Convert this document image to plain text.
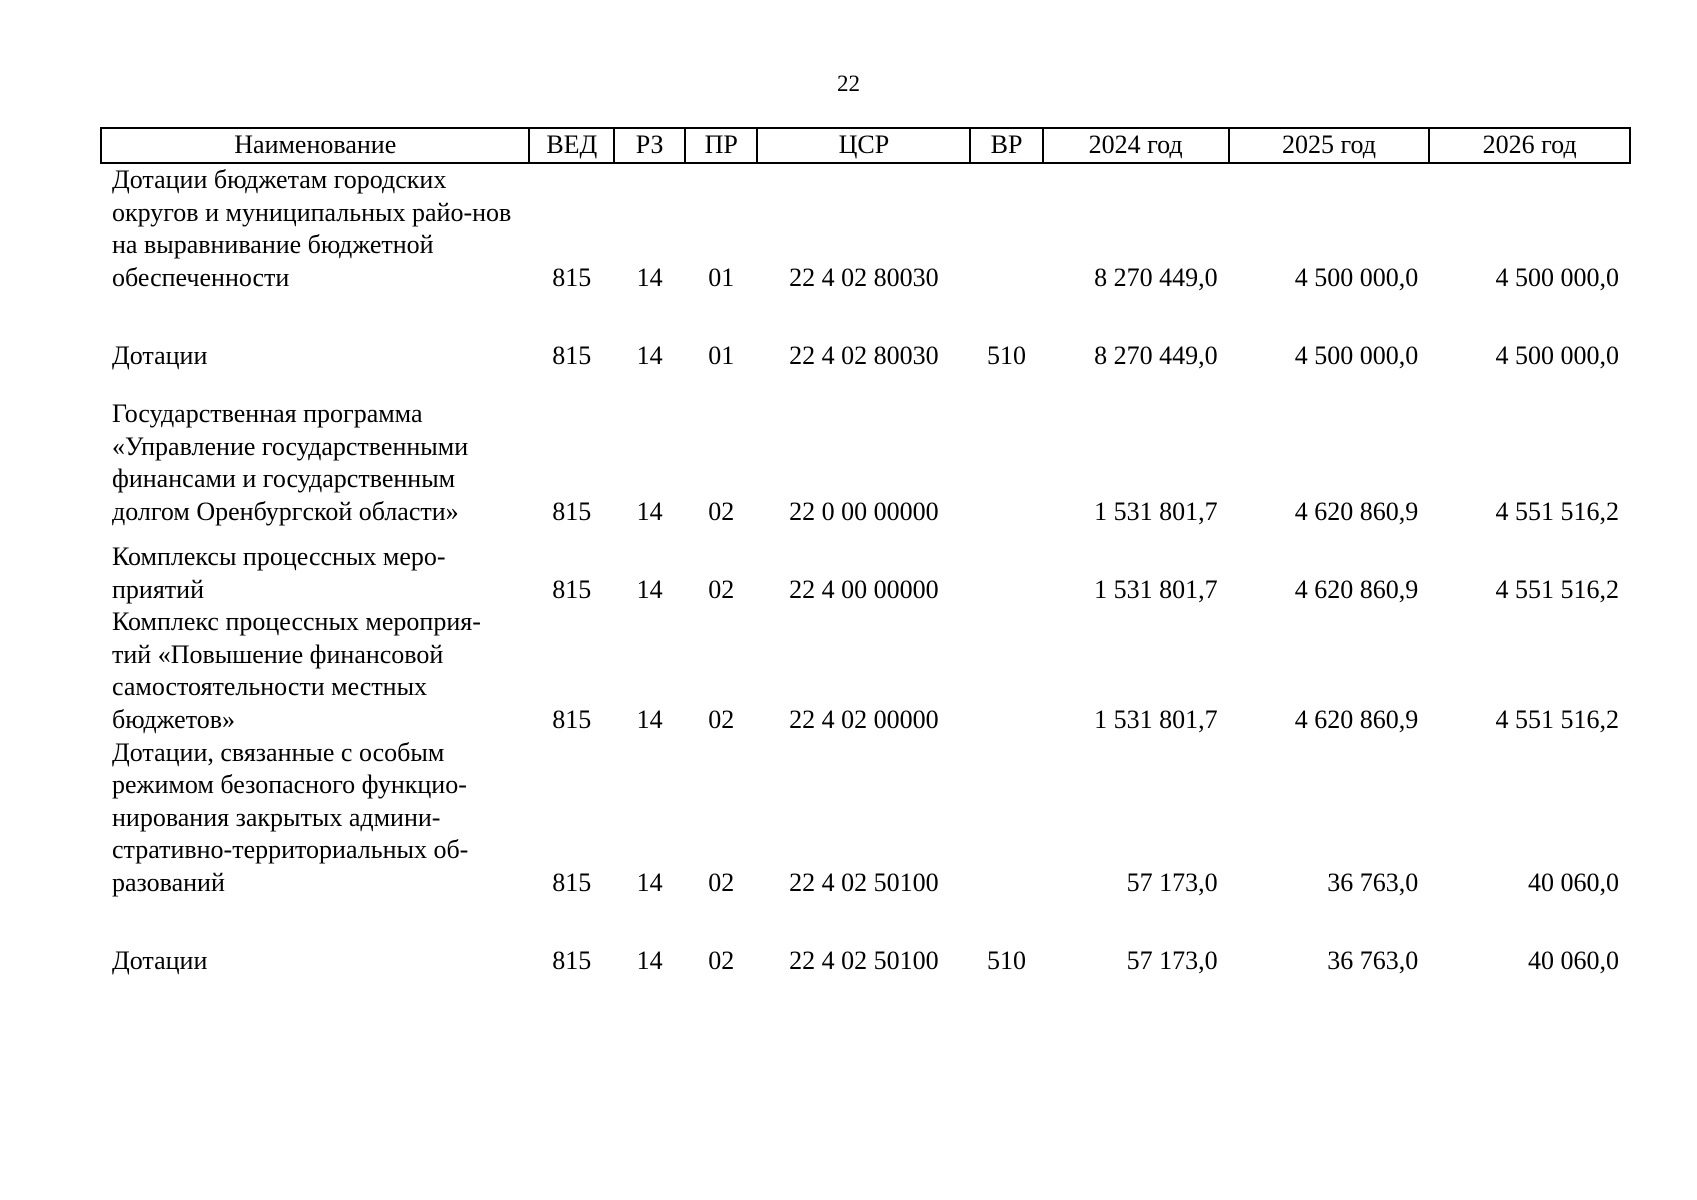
22
Наименование	ВЕД	РЗ	ПР	ЦСР	ВР	2024 год	2025 год	2026 год
Дотации бюджетам городских округов и муниципальных райо-нов на выравнивание бюджетной обеспеченности	815	14	01	22 4 02 80030		8 270 449,0	4 500 000,0	4 500 000,0
Дотации	815	14	01	22 4 02 80030	510	8 270 449,0	4 500 000,0	4 500 000,0
Государственная программа «Управление государственными финансами и государственным долгом Оренбургской области»	815	14	02	22 0 00 00000		1 531 801,7	4 620 860,9	4 551 516,2
Комплексы процессных меро-приятий	815	14	02	22 4 00 00000		1 531 801,7	4 620 860,9	4 551 516,2
Комплекс процессных мероприя-тий «Повышение финансовой самостоятельности местных бюджетов»	815	14	02	22 4 02 00000		1 531 801,7	4 620 860,9	4 551 516,2
Дотации, связанные с особым режимом безопасного функцио-нирования закрытых админи-стративно-территориальных об-разований	815	14	02	22 4 02 50100		57 173,0	36 763,0	40 060,0
Дотации	815	14	02	22 4 02 50100	510	57 173,0	36 763,0	40 060,0
